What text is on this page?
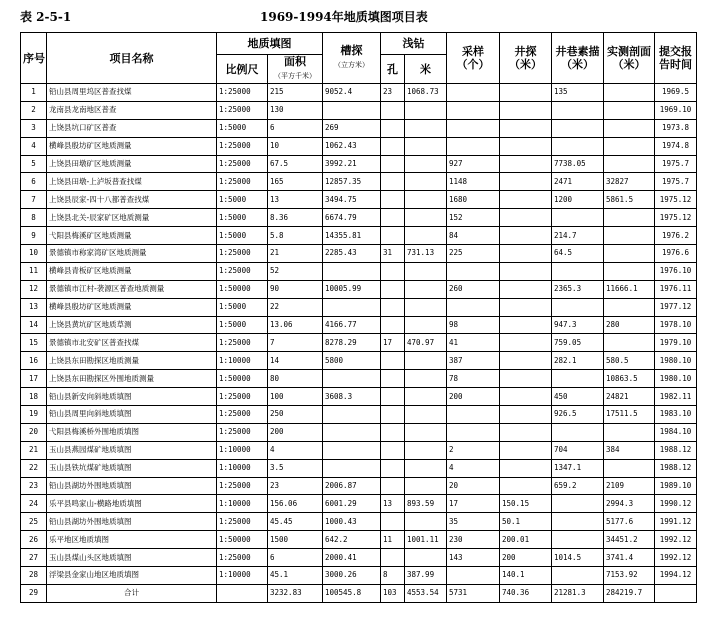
表 2-5-1	1969-1994年地质填图项目表
序号	项目名称	地质填图		槽探
（立方米）	浅钻		采样（个）	井探（米）	井巷素描（米）	实测剖面（米）	提交报告时间
		比例尺	面积
（平方千米）		孔	米					
1	铅山县周里坞区普查找煤	1:25000	215	9052.4	23	1068.73			135		1969.5
2	龙南县龙南地区普查	1:25000	130								1969.10
3	上饶县坑口矿区普查	1:5000	6	269							1973.8
4	横峰县殷坊矿区地质测量	1:25000	10	1062.43							1974.8
5	上饶县田墩矿区地质测量	1:25000	67.5	3992.21			927		7738.05		1975.7
6	上饶县田墩-上泸坂普查找煤	1:25000	165	12857.35			1148		2471	32827	1975.7
7	上饶县辰家-四十八都普查找煤	1:5000	13	3494.75			1680		1200	5861.5	1975.12
8	上饶县北关-辰家矿区地质测量	1:5000	8.36	6674.79			152				1975.12
9	弋阳县梅溪矿区地质测量	1:5000	5.8	14355.81			84		214.7		1976.2
10	景德镇市称家湾矿区地质测量	1:25000	21	2285.43	31	731.13	225		64.5		1976.6
11	横峰县青板矿区地质测量	1:25000	52								1976.10
12	景德镇市江村-袭源区普查地质测量	1:50000	90	10005.99			260		2365.3	11666.1	1976.11
13	横峰县殷坊矿区地质测量	1:5000	22								1977.12
14	上饶县黄坑矿区地质草测	1:5000	13.06	4166.77			98		947.3	280	1978.10
15	景德镇市北安矿区普查找煤	1:25000	7	8278.29	17	470.97	41		759.05		1979.10
16	上饶县东田勘探区地质测量	1:10000	14	5800			387		282.1	580.5	1980.10
17	上饶县东田勘探区外围地质测量	1:50000	80				78			10863.5	1980.10
18	铅山县新安向斜地质填图	1:25000	100	3608.3			200		450	24821	1982.11
19	铅山县周里向斜地质填图	1:25000	250						926.5	17511.5	1983.10
20	弋阳县梅溪桥外围地质填图	1:25000	200								1984.10
21	玉山县燕园煤矿地质填图	1:10000	4				2		704	384	1988.12
22	玉山县铁坑煤矿地质填图	1:10000	3.5				4		1347.1		1988.12
23	铅山县湖坊外围地质填图	1:25000	23	2006.87			20		659.2	2109	1989.10
24	乐平县鸣家山-横路地质填图	1:10000	156.06	6001.29	13	893.59	17	150.15		2994.3	1990.12
25	铅山县湖坊外围地质填图	1:25000	45.45	1000.43			35	50.1		5177.6	1991.12
26	乐平地区地质填图	1:50000	1500	642.2	11	1001.11	230	200.01		34451.2	1992.12
27	玉山县煤山头区地质填图	1:25000	6	2000.41			143	200	1014.5	3741.4	1992.12
28	浮梁县金家山地区地质填图	1:10000	45.1	3000.26	8	387.99		140.1		7153.92	1994.12
29	合计		3232.83	100545.8	103	4553.54	5731	740.36	21281.3	284219.7	
